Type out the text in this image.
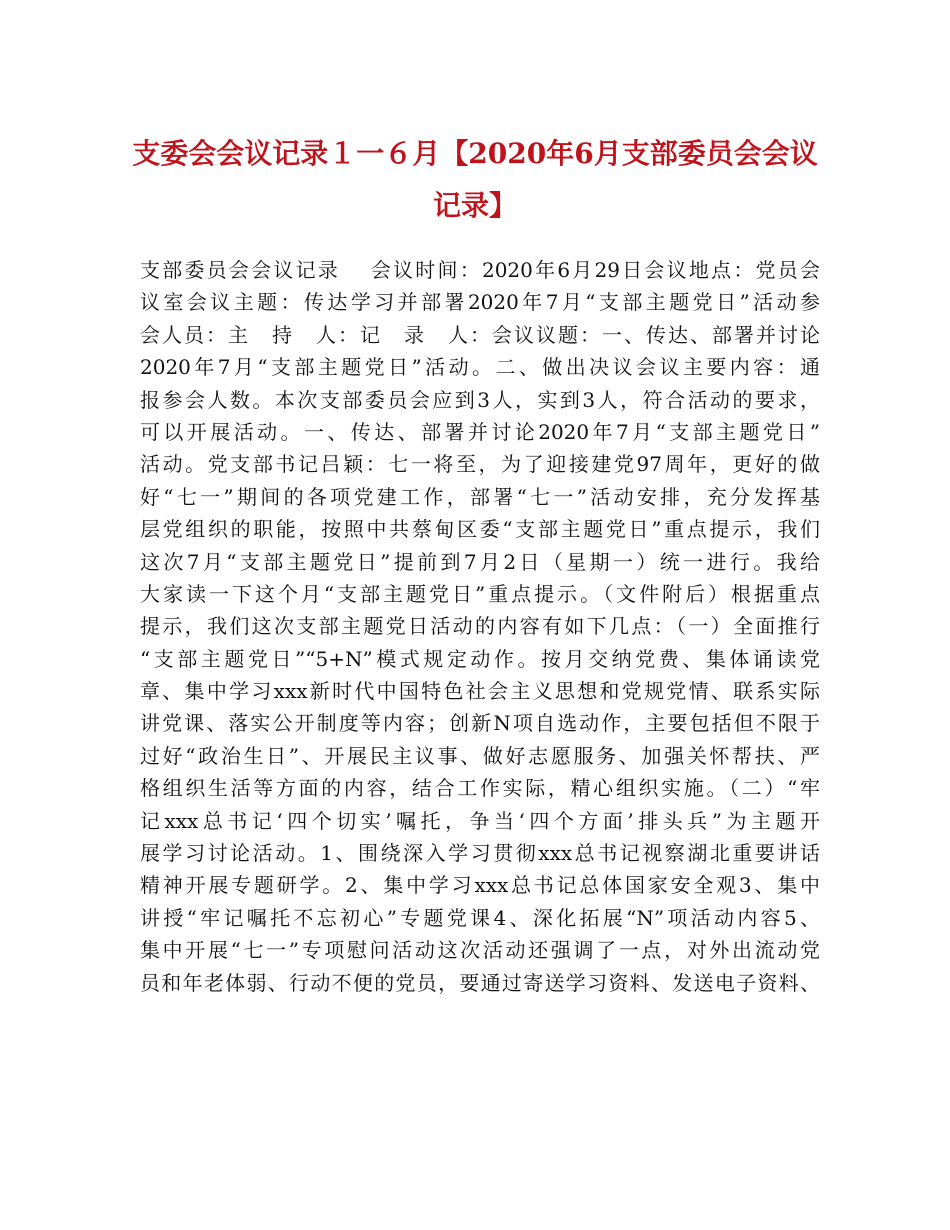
支委会会议记录１一６月【2020年6月支部委员会会议
记录】
支部委员会会议记录　 会议时间：2020年6月29日会议地点：党员会
议室会议主题：传达学习并部署2020年7月“支部主题党日”活动参
会人员：主　持　人：记　录　人：会议议题：一、传达、部署并讨论
2020年7月“支部主题党日”活动。二、做出决议会议主要内容：通
报参会人数。本次支部委员会应到3人，实到3人，符合活动的要求，
可以开展活动。一、传达、部署并讨论2020年7月“支部主题党日”
活动。党支部书记吕颖：七一将至，为了迎接建党97周年，更好的做
好“七一”期间的各项党建工作，部署“七一”活动安排，充分发挥基
层党组织的职能，按照中共蔡甸区委“支部主题党日”重点提示，我们
这次7月“支部主题党日”提前到7月2日（星期一）统一进行。我给
大家读一下这个月“支部主题党日”重点提示。（文件附后）根据重点
提示，我们这次支部主题党日活动的内容有如下几点：（一）全面推行
“支部主题党日”“5+N”模式规定动作。按月交纳党费、集体诵读党
章、集中学习xxx新时代中国特色社会主义思想和党规党情、联系实际
讲党课、落实公开制度等内容；创新N项自选动作，主要包括但不限于
过好“政治生日”、开展民主议事、做好志愿服务、加强关怀帮扶、严
格组织生活等方面的内容，结合工作实际，精心组织实施。（二）“牢
记xxx总书记‘四个切实’嘱托，争当‘四个方面’排头兵”为主题开
展学习讨论活动。1、围绕深入学习贯彻xxx总书记视察湖北重要讲话
精神开展专题研学。2、集中学习xxx总书记总体国家安全观3、集中
讲授“牢记嘱托不忘初心”专题党课4、深化拓展“N”项活动内容5、
集中开展“七一”专项慰问活动这次活动还强调了一点，对外出流动党
员和年老体弱、行动不便的党员，要通过寄送学习资料、发送电子资料、
